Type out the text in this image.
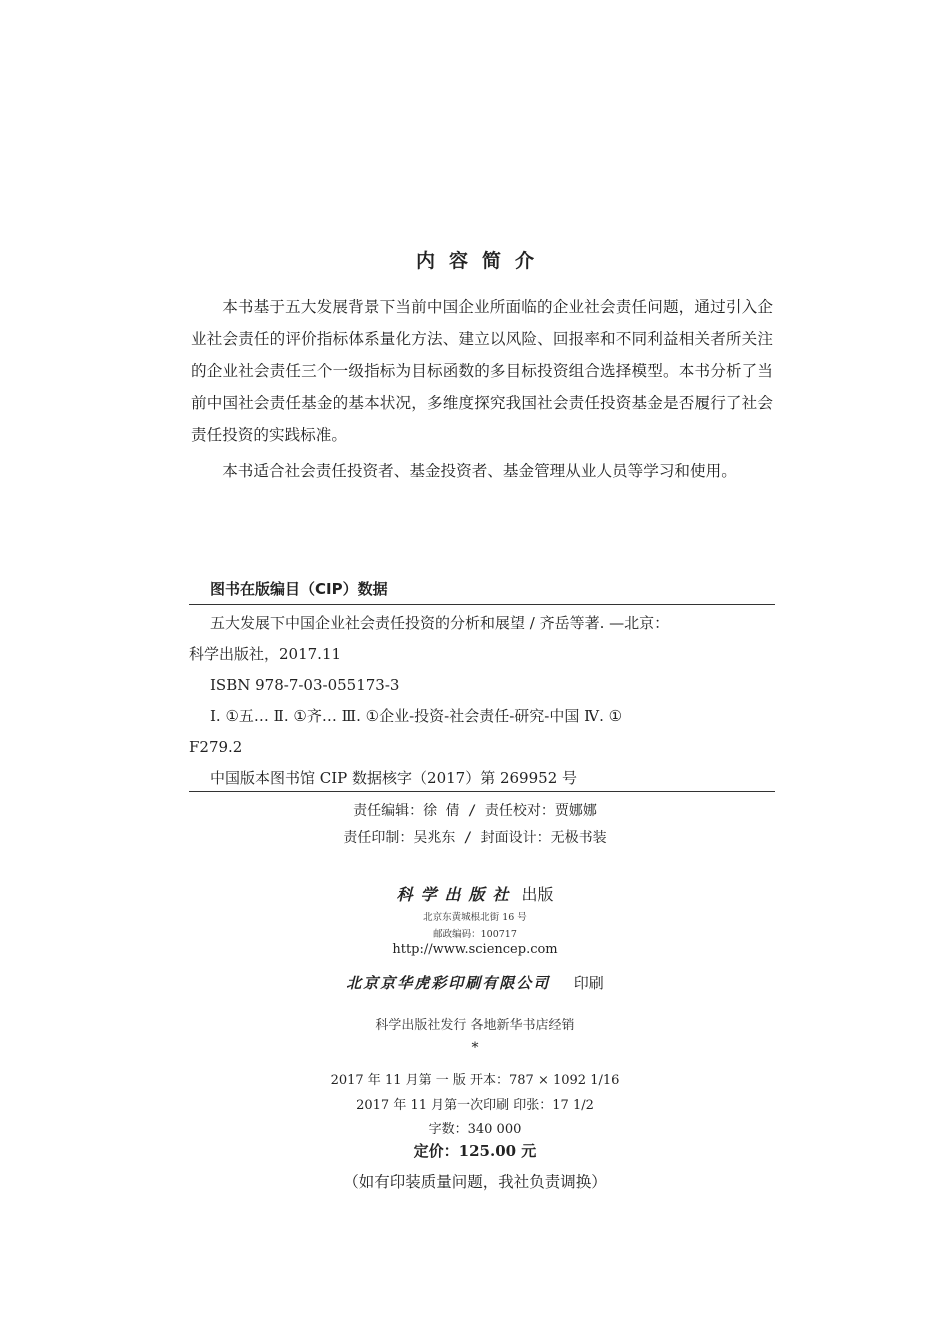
内容简介

本书基于五大发展背景下当前中国企业所面临的企业社会责任问题，通过引入企业社会责任的评价指标体系量化方法、建立以风险、回报率和不同利益相关者所关注的企业社会责任三个一级指标为目标函数的多目标投资组合选择模型。本书分析了当前中国社会责任基金的基本状况，多维度探究我国社会责任投资基金是否履行了社会责任投资的实践标准。

本书适合社会责任投资者、基金投资者、基金管理从业人员等学习和使用。

图书在版编目（CIP）数据
五大发展下中国企业社会责任投资的分析和展望 / 齐岳等著. —北京：
科学出版社，2017.11
ISBN 978-7-03-055173-3
Ⅰ. ①五… Ⅱ. ①齐… Ⅲ. ①企业-投资-社会责任-研究-中国 Ⅳ. ①
F279.2
中国版本图书馆 CIP 数据核字（2017）第 269952 号
责任编辑：徐 倩 / 责任校对：贾娜娜
责任印制：吴兆东 / 封面设计：无极书装
科学出版社 出版
北京东黄城根北街 16 号
邮政编码：100717
http://www.sciencep.com
北京京华虎彩印刷有限公司 印刷
科学出版社发行 各地新华书店经销
*
2017 年 11 月第 一 版 开本：787 × 1092 1/16
2017 年 11 月第一次印刷 印张：17 1/2
字数：340 000
定价：125.00 元
（如有印装质量问题，我社负责调换）
